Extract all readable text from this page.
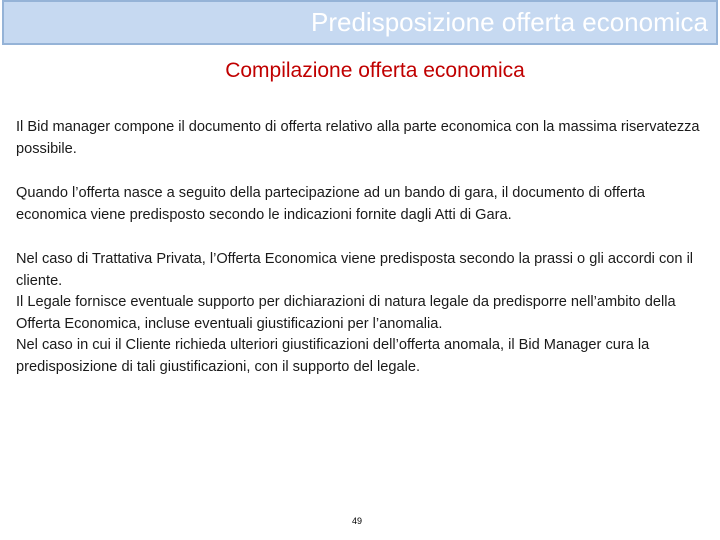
Predisposizione offerta economica
Compilazione offerta economica

Il Bid manager compone il documento di offerta relativo alla parte economica con la massima riservatezza possibile.

Quando l’offerta nasce a seguito della partecipazione ad un bando di gara, il documento di offerta economica viene predisposto secondo le indicazioni fornite dagli Atti di Gara.

Nel caso di Trattativa Privata, l’Offerta Economica viene predisposta secondo la prassi o gli accordi con il cliente.

Il Legale fornisce eventuale supporto per dichiarazioni di natura legale da predisporre nell’ambito della Offerta Economica, incluse eventuali giustificazioni per l’anomalia.

Nel caso in cui il Cliente richieda ulteriori giustificazioni dell’offerta anomala, il Bid Manager cura la predisposizione di tali giustificazioni, con il supporto del legale.

49
